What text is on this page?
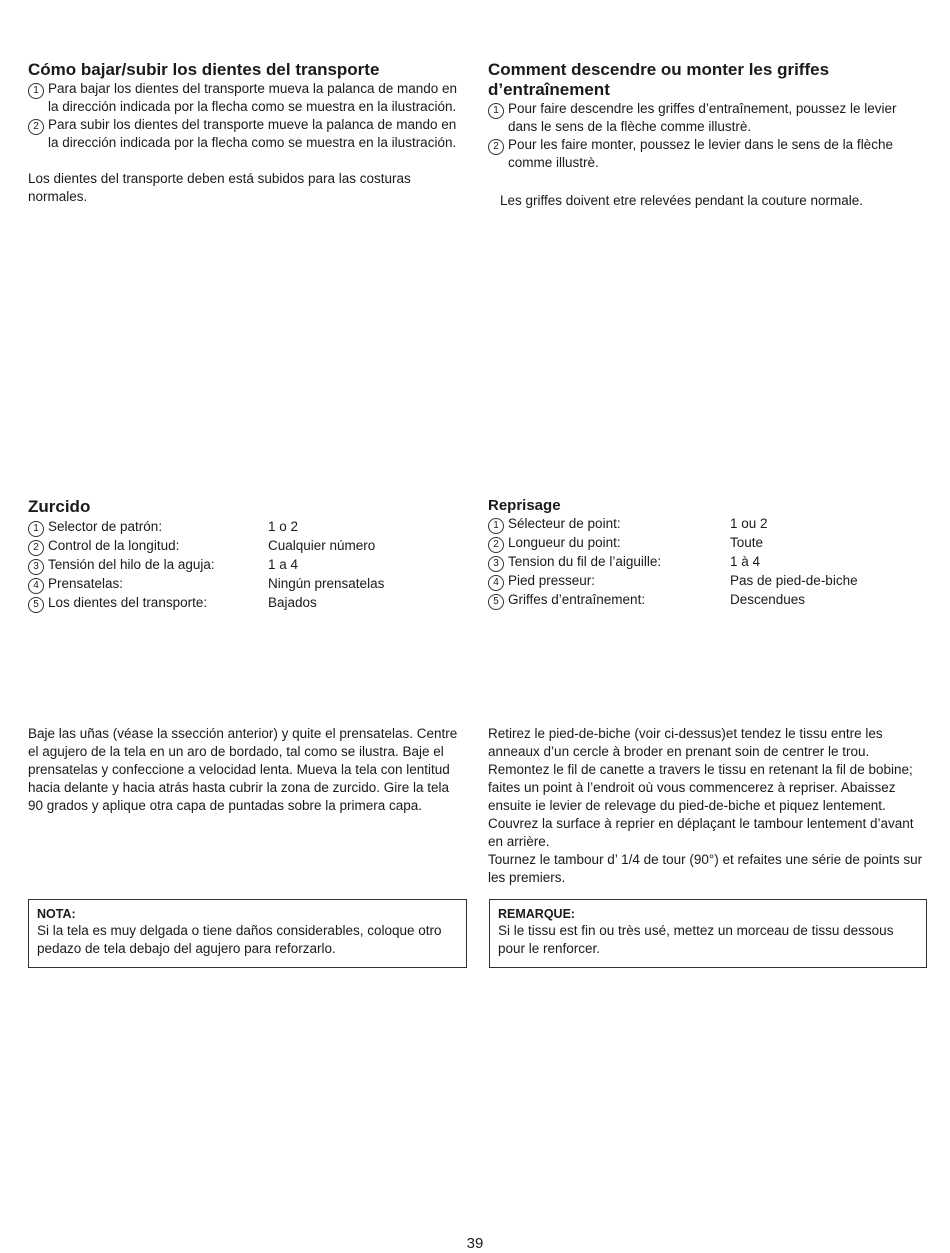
Cómo bajar/subir los dientes del transporte
1 Para bajar los dientes del transporte mueva la palanca de mando en la dirección indicada por la flecha como se muestra en la ilustración.
2 Para subir los dientes del transporte mueve la palanca de mando en la dirección indicada por la flecha como se muestra en la ilustración.

Los dientes del transporte deben está subidos para las costuras normales.

Comment descendre ou monter les griffes d’entraînement
1 Pour faire descendre les griffes d’entraînement, poussez le levier dans le sens de la flèche comme illustrè.
2 Pour les faire monter, poussez le levier dans le sens de la flèche comme illustrè.

Les griffes doivent etre relevées pendant la couture normale.

Zurcido
1	Selector de patrón:	1 o 2
2	Control de la longitud:	Cualquier número
3	Tensión del hilo de la aguja:	1 a 4
4	Prensatelas:	Ningún prensatelas
5	Los dientes del transporte:	Bajados
Reprisage
1	Sélecteur de point:	1 ou 2
2	Longueur du point:	Toute
3	Tension du fil de l’aiguille:	1 à 4
4	Pied presseur:	Pas de pied-de-biche
5	Griffes d’entraînement:	Descendues

Baje las uñas (véase la ssección anterior) y quite el prensatelas. Centre el agujero de la tela en un aro de bordado, tal como se ilustra. Baje el prensatelas y confeccione a velocidad lenta. Mueva la tela con lentitud hacia delante y hacia atrás hasta cubrir la zona de zurcido. Gire la tela 90 grados y aplique otra capa de puntadas sobre la primera capa.

Retirez le pied-de-biche (voir ci-dessus)et tendez le tissu entre les anneaux d’un cercle à broder en prenant soin de centrer le trou. Remontez le fil de canette a travers le tissu en retenant la fil de bobine; faites un point à l’endroit où vous commencerez à repriser. Abaissez ensuite ie levier de relevage du pied-de-biche et piquez lentement. Couvrez la surface à reprier en déplaçant le tambour lentement d’avant en arrière.

Tournez le tambour d’ 1/4 de tour (90°) et refaites une série de points sur les premiers.

NOTA:

Si la tela es muy delgada o tiene daños considerables, coloque otro pedazo de tela debajo del agujero para reforzarlo.

REMARQUE:

Si le tissu est fin ou très usé, mettez un morceau de tissu dessous pour le renforcer.

39
